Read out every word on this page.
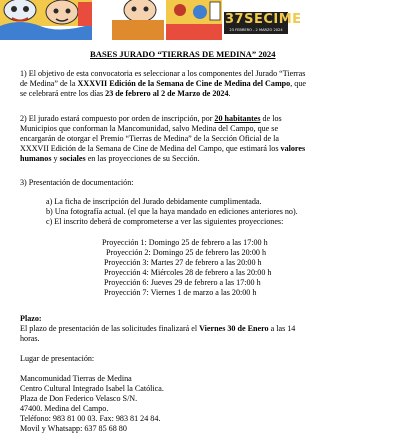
37SECIME
23 FEBRERO - 2 MARZO 2024
BASES JURADO “TIERRAS DE MEDINA” 2024
1) El objetivo de esta convocatoria es seleccionar a los componentes del Jurado “Tierras
de Medina” de la XXXVII Edición de la Semana de Cine de Medina del Campo, que
se celebrará entre los días 23 de febrero al 2 de Marzo de 2024.
2) El jurado estará compuesto por orden de inscripción, por 20 habitantes de los
Municipios que conforman la Mancomunidad, salvo Medina del Campo, que se
encargarán de otorgar el Premio “Tierras de Medina” de la Sección Oficial de la
XXXVII Edición de la Semana de Cine de Medina del Campo, que estimará los valores
humanos y sociales en las proyecciones de su Sección.
3) Presentación de documentación:
a) La ficha de inscripción del Jurado debidamente cumplimentada.
b) Una fotografía actual. (el que la haya mandado en ediciones anteriores no).
c) El inscrito deberá de comprometerse a ver las siguientes proyecciones:
Proyección 1: Domingo 25 de febrero a las 17:00 h
Proyección 2: Domingo 25 de febrero las 20:00 h
Proyección 3: Martes 27 de febrero a las 20:00 h
Proyección 4: Miércoles 28 de febrero a las 20:00 h
Proyección 6: Jueves 29 de febrero a las 17:00 h
Proyección 7: Viernes 1 de marzo a las 20:00 h
Plazo:
El plazo de presentación de las solicitudes finalizará el Viernes 30 de Enero a las 14
horas.
Lugar de presentación:
Mancomunidad Tierras de Medina
Centro Cultural Integrado Isabel la Católica.
Plaza de Don Federico Velasco S/N.
47400. Medina del Campo.
Teléfono: 983 81 00 03. Fax: 983 81 24 84.
Movil y Whatsapp: 637 85 68 80
